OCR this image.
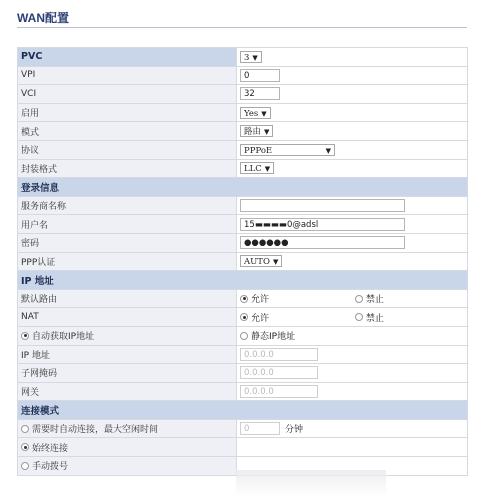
WAN配置
PVC	3 ▼
VPI	0
VCI	32
启用	Yes ▼
模式	路由 ▼
协议	PPPoE ▼

封装格式	LLC ▼
登录信息	
服务商名称	
用户名	15▬▬▬▬0@adsl
密码	●●●●●●
PPP认证	AUTO ▼
IP 地址	
默认路由	允许 禁止
NAT	允许 禁止
自动获取IP地址	静态IP地址
IP 地址	0.0.0.0
子网掩码	0.0.0.0
网关	0.0.0.0
连接模式	
需要时自动连接，最大空闲时间	0 分钟
始终连接	
手动拨号	
